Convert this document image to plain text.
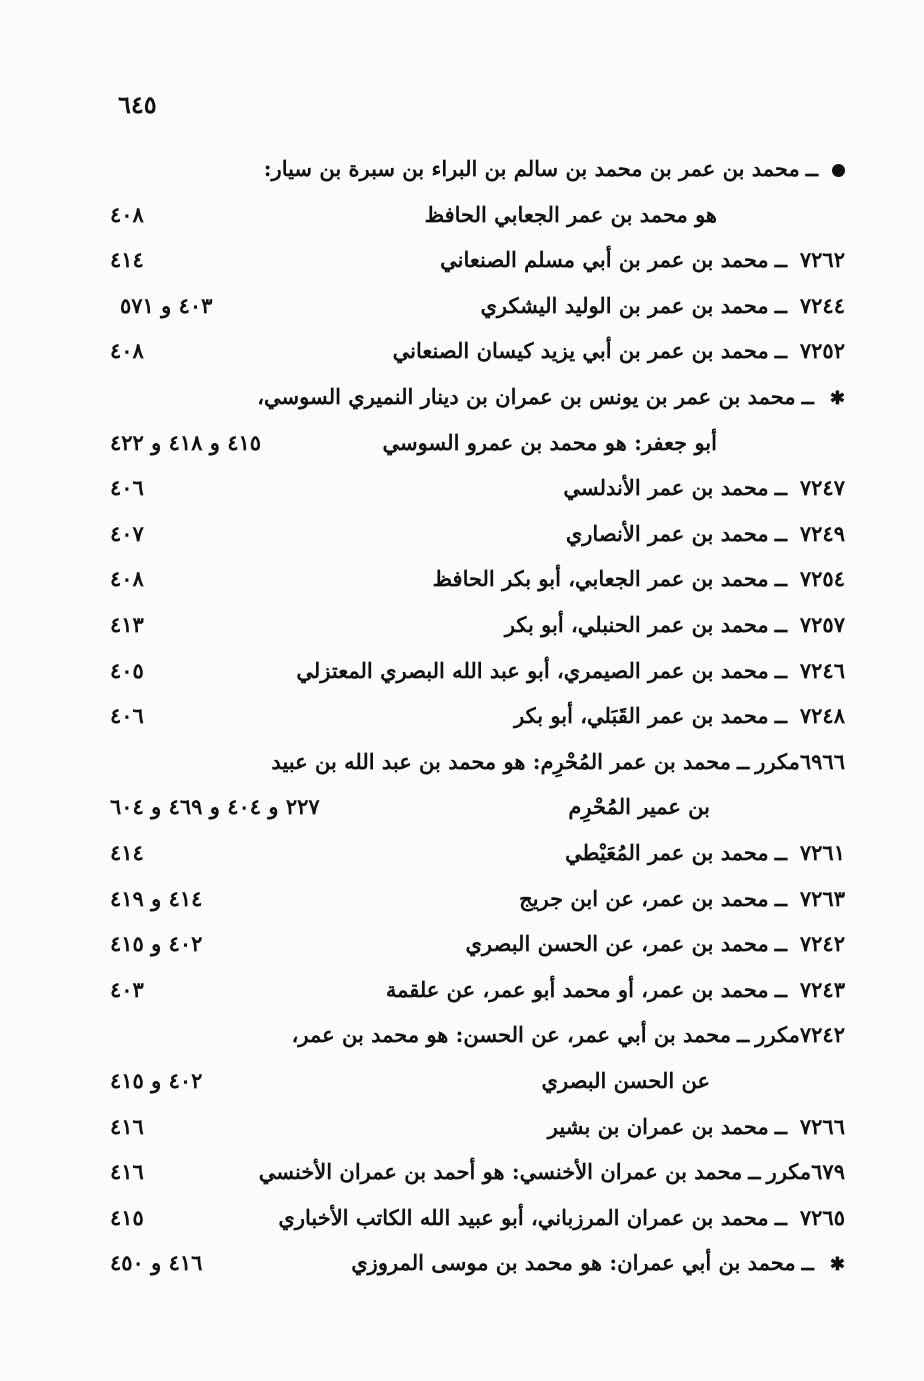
٦٤٥
ــمحمد بن عمر بن محمد بن سالم بن البراء بن سبرة بن سيار:
هو محمد بن عمر الجعابي الحافظ
٤٠٨
٧٢٦٢ــمحمد بن عمر بن أبي مسلم الصنعاني
٤١٤
٧٢٤٤ــمحمد بن عمر بن الوليد اليشكري
٤٠٣ و ٥٧١
٧٢٥٢ــمحمد بن عمر بن أبي يزيد كيسان الصنعاني
٤٠٨
✱ــمحمد بن عمر بن يونس بن عمران بن دينار النميري السوسي،
أبو جعفر: هو محمد بن عمرو السوسي
٤١٥ و ٤١٨ و ٤٢٢
٧٢٤٧ــمحمد بن عمر الأندلسي
٤٠٦
٧٢٤٩ــمحمد بن عمر الأنصاري
٤٠٧
٧٢٥٤ــمحمد بن عمر الجعابي، أبو بكر الحافظ
٤٠٨
٧٢٥٧ــمحمد بن عمر الحنبلي، أبو بكر
٤١٣
٧٢٤٦ــمحمد بن عمر الصيمري، أبو عبد الله البصري المعتزلي
٤٠٥
٧٢٤٨ــمحمد بن عمر القَبَلي، أبو بكر
٤٠٦
٦٩٦٦مكررــمحمد بن عمر المُحْرِم: هو محمد بن عبد الله بن عبيد
بن عمير المُحْرِم
٢٢٧ و ٤٠٤ و ٤٦٩ و ٦٠٤
٧٢٦١ــمحمد بن عمر المُعَيْطي
٤١٤
٧٢٦٣ــمحمد بن عمر، عن ابن جريج
٤١٤ و ٤١٩
٧٢٤٢ــمحمد بن عمر، عن الحسن البصري
٤٠٢ و ٤١٥
٧٢٤٣ــمحمد بن عمر، أو محمد أبو عمر، عن علقمة
٤٠٣
٧٢٤٢مكررــمحمد بن أبي عمر، عن الحسن: هو محمد بن عمر،
عن الحسن البصري
٤٠٢ و ٤١٥
٧٢٦٦ــمحمد بن عمران بن بشير
٤١٦
٦٧٩مكررــمحمد بن عمران الأخنسي: هو أحمد بن عمران الأخنسي
٤١٦
٧٢٦٥ــمحمد بن عمران المرزباني، أبو عبيد الله الكاتب الأخباري
٤١٥
✱ــمحمد بن أبي عمران: هو محمد بن موسى المروزي
٤١٦ و ٤٥٠
